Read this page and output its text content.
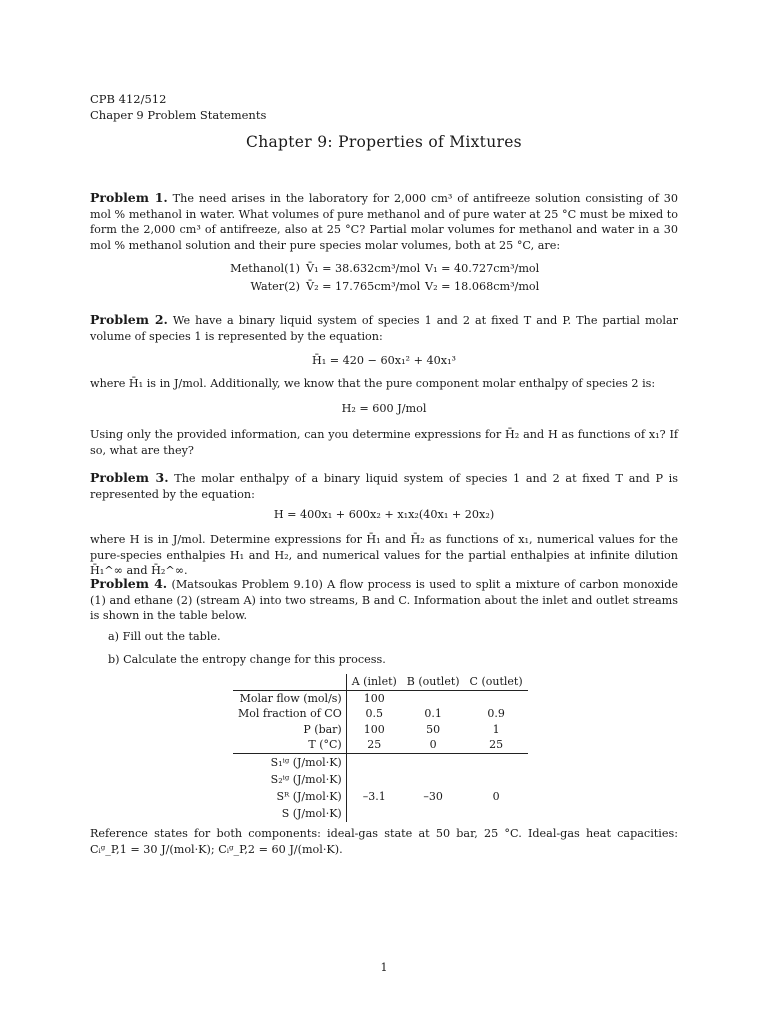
CPB 412/512
Chaper 9 Problem Statements
Chapter 9: Properties of Mixtures
Problem 1. The need arises in the laboratory for 2,000 cm³ of antifreeze solution consisting of 30 mol % methanol in water. What volumes of pure methanol and of pure water at 25 °C must be mixed to form the 2,000 cm³ of antifreeze, also at 25 °C? Partial molar volumes for methanol and water in a 30 mol % methanol solution and their pure species molar volumes, both at 25 °C, are:
Methanol(1) V̄₁ = 38.632cm³/mol V₁ = 40.727cm³/mol
Water(2) V̄₂ = 17.765cm³/mol V₂ = 18.068cm³/mol
Problem 2. We have a binary liquid system of species 1 and 2 at fixed T and P. The partial molar volume of species 1 is represented by the equation:
H̄₁ = 420 − 60x₁² + 40x₁³
where H̄₁ is in J/mol. Additionally, we know that the pure component molar enthalpy of species 2 is:
H₂ = 600 J/mol
Using only the provided information, can you determine expressions for H̄₂ and H as functions of x₁? If so, what are they?
Problem 3. The molar enthalpy of a binary liquid system of species 1 and 2 at fixed T and P is represented by the equation:
H = 400x₁ + 600x₂ + x₁x₂(40x₁ + 20x₂)
where H is in J/mol. Determine expressions for H̄₁ and H̄₂ as functions of x₁, numerical values for the pure-species enthalpies H₁ and H₂, and numerical values for the partial enthalpies at infinite dilution H̄₁^∞ and H̄₂^∞.
Problem 4. (Matsoukas Problem 9.10) A flow process is used to split a mixture of carbon monoxide (1) and ethane (2) (stream A) into two streams, B and C. Information about the inlet and outlet streams is shown in the table below.
a) Fill out the table.
b) Calculate the entropy change for this process.
	A (inlet)	B (outlet)	C (outlet)
Molar flow (mol/s)	100		
Mol fraction of CO	0.5	0.1	0.9
P (bar)	100	50	1
T (°C)	25	0	25
S₁ⁱᵍ (J/mol·K)			
S₂ⁱᵍ (J/mol·K)			
Sᴿ (J/mol·K)	–3.1	–30	0
S (J/mol·K)			
Reference states for both components: ideal-gas state at 50 bar, 25 °C. Ideal-gas heat capacities: Cᵢᵍ_P,1 = 30 J/(mol·K); Cᵢᵍ_P,2 = 60 J/(mol·K).
1
